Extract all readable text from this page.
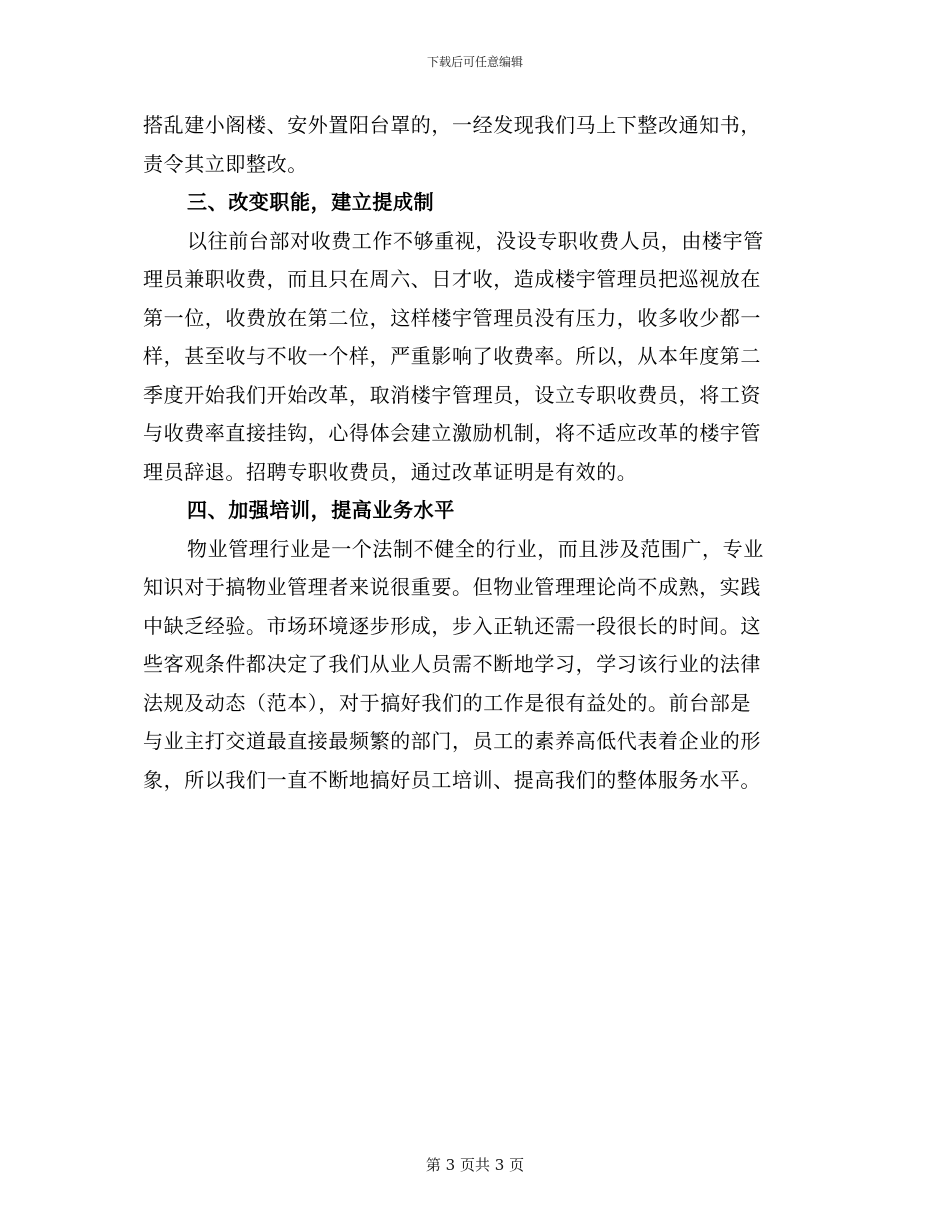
下载后可任意编辑
搭乱建小阁楼、安外置阳台罩的，一经发现我们马上下整改通知书，
责令其立即整改。
三、改变职能，建立提成制
以往前台部对收费工作不够重视，没设专职收费人员，由楼宇管
理员兼职收费，而且只在周六、日才收，造成楼宇管理员把巡视放在
第一位，收费放在第二位，这样楼宇管理员没有压力，收多收少都一
样，甚至收与不收一个样，严重影响了收费率。所以，从本年度第二
季度开始我们开始改革，取消楼宇管理员，设立专职收费员，将工资
与收费率直接挂钩，心得体会建立激励机制，将不适应改革的楼宇管
理员辞退。招聘专职收费员，通过改革证明是有效的。
四、加强培训，提高业务水平
物业管理行业是一个法制不健全的行业，而且涉及范围广，专业
知识对于搞物业管理者来说很重要。但物业管理理论尚不成熟，实践
中缺乏经验。市场环境逐步形成，步入正轨还需一段很长的时间。这
些客观条件都决定了我们从业人员需不断地学习，学习该行业的法律
法规及动态（范本），对于搞好我们的工作是很有益处的。前台部是
与业主打交道最直接最频繁的部门，员工的素养高低代表着企业的形
象，所以我们一直不断地搞好员工培训、提高我们的整体服务水平。
第 3 页共 3 页
